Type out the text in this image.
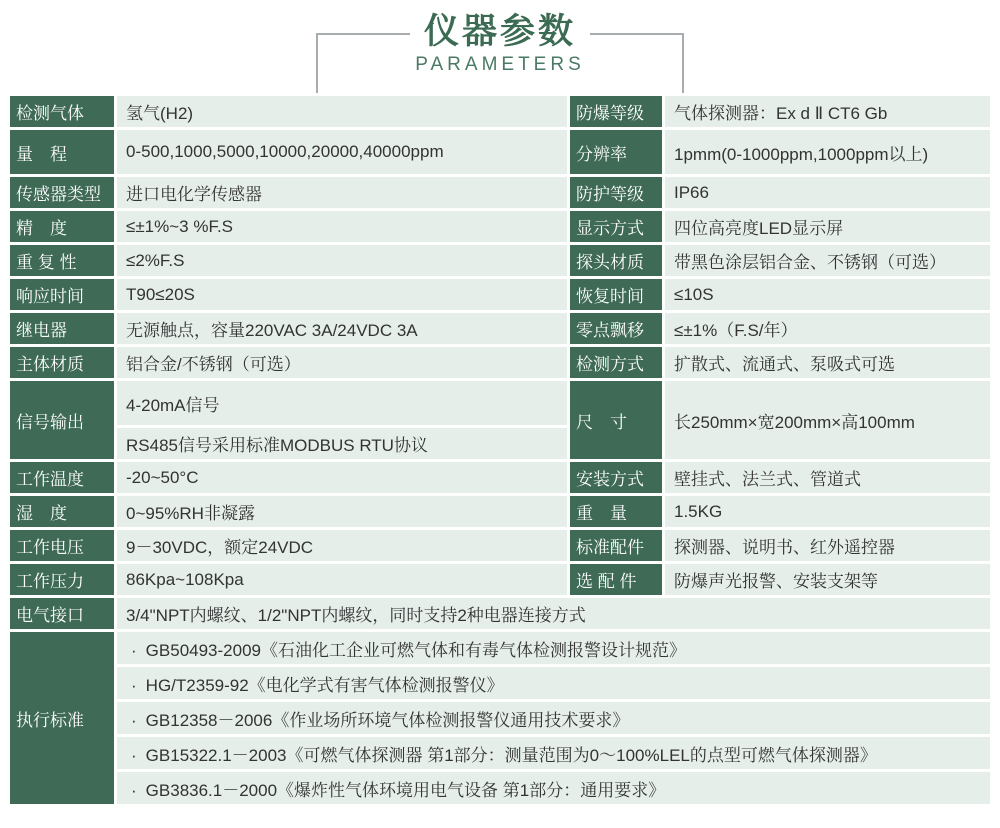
仪器参数
PARAMETERS
检测气体	氢气(H2)	防爆等级	气体探测器：Ex d Ⅱ CT6 Gb
量　程	0-500,1000,5000,10000,20000,40000ppm	分辨率	1pmm(0-1000ppm,1000ppm以上)
传感器类型	进口电化学传感器	防护等级	IP66
精　度	≤±1%~3 %F.S	显示方式	四位高亮度LED显示屏
重 复 性	≤2%F.S	探头材质	带黑色涂层铝合金、不锈钢（可选）
响应时间	T90≤20S	恢复时间	≤10S
继电器	无源触点，容量220VAC 3A/24VDC 3A	零点飘移	≤±1%（F.S/年）
主体材质	铝合金/不锈钢（可选）	检测方式	扩散式、流通式、泵吸式可选
信号输出	4-20mA信号	尺　寸	长250mm×宽200mm×高100mm
	RS485信号采用标准MODBUS RTU协议		
工作温度	-20~50°C	安装方式	壁挂式、法兰式、管道式
湿　度	0~95%RH非凝露	重　量	1.5KG
工作电压	9－30VDC，额定24VDC	标准配件	探测器、说明书、红外遥控器
工作压力	86Kpa~108Kpa	选 配 件	防爆声光报警、安装支架等
电气接口	3/4"NPT内螺纹、1/2"NPT内螺纹，同时支持2种电器连接方式		
执行标准	· GB50493-2009《石油化工企业可燃气体和有毒气体检测报警设计规范》		
	· HG/T2359-92《电化学式有害气体检测报警仪》		
	· GB12358－2006《作业场所环境气体检测报警仪通用技术要求》		
	· GB15322.1－2003《可燃气体探测器 第1部分：测量范围为0～100%LEL的点型可燃气体探测器》		
	· GB3836.1－2000《爆炸性气体环境用电气设备 第1部分：通用要求》		
